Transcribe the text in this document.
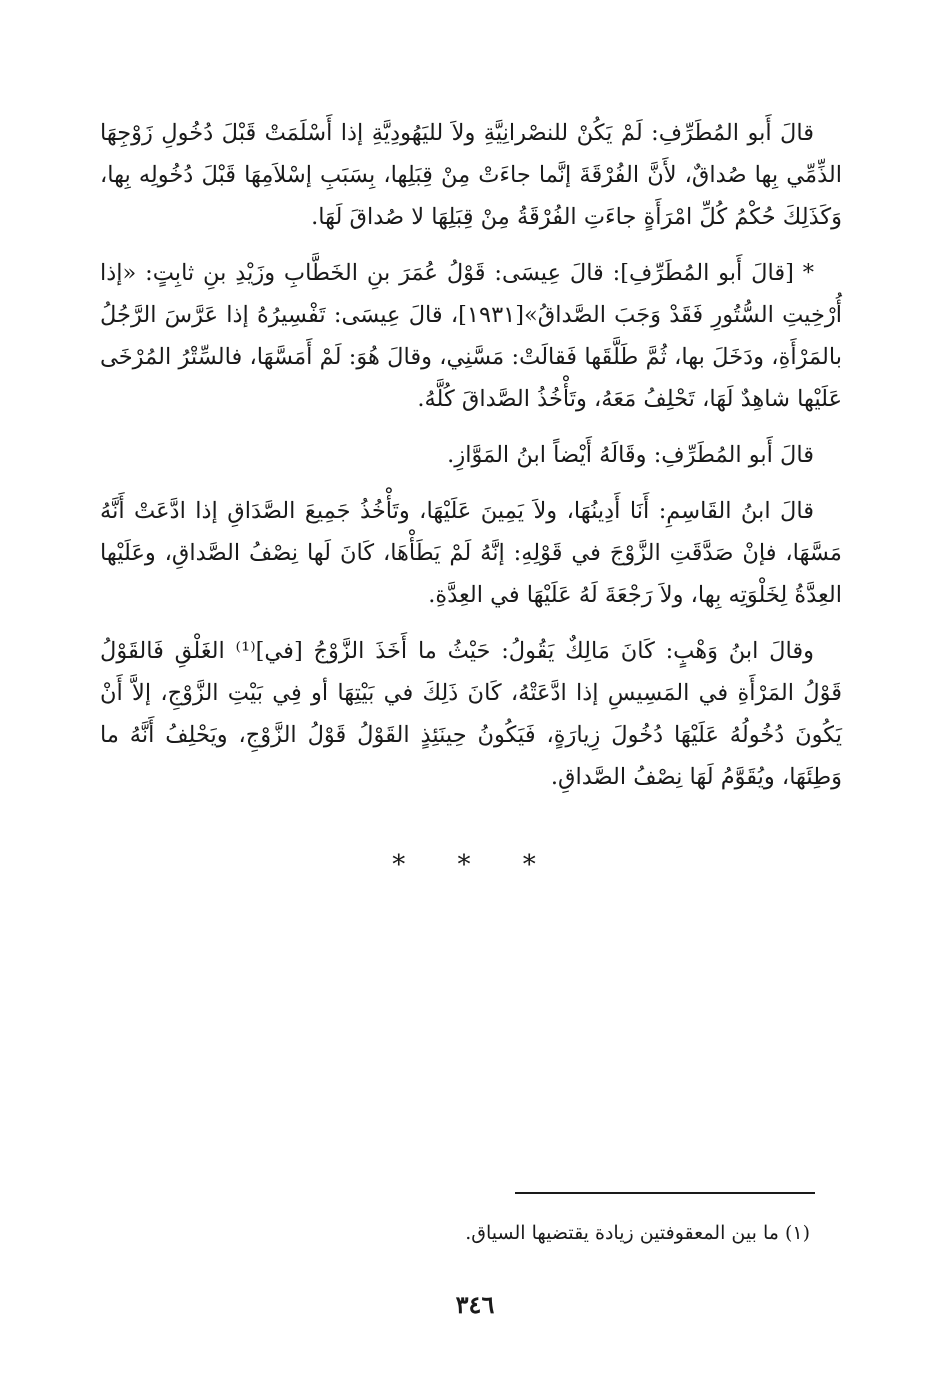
قالَ أَبو المُطَرِّفِ: لَمْ يَكُنْ للنصْرانِيَّةِ ولاَ لليَهُودِيَّةِ إذا أَسْلَمَتْ قَبْلَ دُخُولِ زَوْجِهَا الذِّمِّي بِها صُداقٌ، لأَنَّ الفُرْقَةَ إنَّما جاءَتْ مِنْ قِبَلِها، بِسَبَبِ إسْلاَمِهَا قَبْلَ دُخُولِه بِها، وَكَذَلِكَ حُكْمُ كُلِّ امْرَأَةٍ جاءَتِ الفُرْقَةُ مِنْ قِبَلِهَا لا صُداقَ لَهَا.

* [قالَ أَبو المُطَرِّفِ]: قالَ عِيسَى: قَوْلُ عُمَرَ بنِ الخَطَّابِ وزَيْدِ بنِ ثابِتٍ: «إذا أُرْخِيتِ السُّتُورِ فَقَدْ وَجَبَ الصَّداقُ»[١٩٣١]، قالَ عِيسَى: تَفْسِيرُهُ إذا عَرَّسَ الرَّجُلُ بالمَرْأَةِ، ودَخَلَ بها، ثُمَّ طَلَّقَها فَقالَتْ: مَسَّنِي، وقالَ هُوَ: لَمْ أَمَسَّهَا، فالسِّتْرُ المُرْخَى عَلَيْها شاهِدٌ لَهَا، تَحْلِفُ مَعَهُ، وتَأْخُذُ الصَّداقَ كُلَّهُ.

قالَ أَبو المُطَرِّفِ: وقَالَهُ أَيْضاً ابنُ المَوَّازِ.

قالَ ابنُ القَاسِمِ: أَنَا أَدِينُهَا، ولاَ يَمِينَ عَلَيْهَا، وتَأْخُذُ جَمِيعَ الصَّدَاقِ إذا ادَّعَتْ أَنَّهُ مَسَّهَا، فإنْ صَدَّقَتِ الزَّوْجَ في قَوْلِهِ: إنَّهُ لَمْ يَطَأْهَا، كَانَ لَها نِصْفُ الصَّداقِ، وعَلَيْها العِدَّةُ لِخَلْوَتِه بِها، ولاَ رَجْعَةَ لَهُ عَلَيْهَا في العِدَّةِ.

وقالَ ابنُ وَهْبٍ: كَانَ مَالِكٌ يَقُولُ: حَيْثُ ما أَخَذَ الزَّوْجُ [في]⁽¹⁾ الغَلْقِ فَالقَوْلُ قَوْلُ المَرْأَةِ في المَسِيسِ إذا ادَّعَتْهُ، كَانَ ذَلِكَ في بَيْتِهَا أو فِي بَيْتِ الزَّوْجِ، إلاَّ أَنْ يَكُونَ دُخُولُهُ عَلَيْهَا دُخُولَ زِيارَةٍ، فَيَكُونُ حِينَئِذٍ القَوْلُ قَوْلُ الزَّوْجِ، ويَحْلِفُ أَنَّهُ ما وَطِئَهَا، ويُقَوَّمُ لَهَا نِصْفُ الصَّداقِ.

* * *
(١) ما بين المعقوفتين زيادة يقتضيها السياق.
٣٤٦
